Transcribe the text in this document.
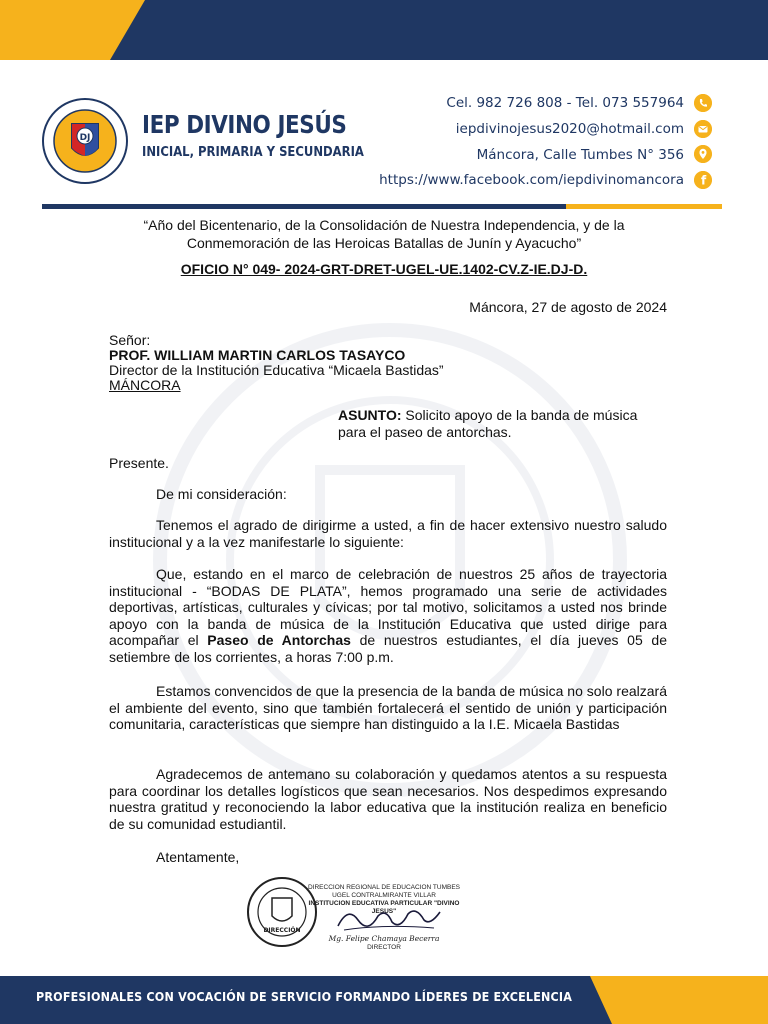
DJ IEP DIVINO JESÚS
INICIAL, PRIMARIA Y SECUNDARIA
Cel. 982 726 808 - Tel. 073 557964
iepdivinojesus2020@hotmail.com
Máncora, Calle Tumbes N° 356
https://www.facebook.com/iepdivinomancora f
“Año del Bicentenario, de la Consolidación de Nuestra Independencia, y de la
Conmemoración de las Heroicas Batallas de Junín y Ayacucho”
OFICIO N° 049- 2024-GRT-DRET-UGEL-UE.1402-CV.Z-IE.DJ-D.
Máncora, 27 de agosto de 2024
Señor:
PROF. WILLIAM MARTIN CARLOS TASAYCO
Director de la Institución Educativa “Micaela Bastidas”
MÁNCORA
ASUNTO: Solicito apoyo de la banda de música
para el paseo de antorchas.
Presente.
De mi consideración:
Tenemos el agrado de dirigirme a usted, a fin de hacer extensivo nuestro saludo institucional y a la vez manifestarle lo siguiente:
Que, estando en el marco de celebración de nuestros 25 años de trayectoria institucional - “BODAS DE PLATA”, hemos programado una serie de actividades deportivas, artísticas, culturales y cívicas; por tal motivo, solicitamos a usted nos brinde apoyo con la banda de música de la Institución Educativa que usted dirige para acompañar el Paseo de Antorchas de nuestros estudiantes, el día jueves 05 de setiembre de los corrientes, a horas 7:00 p.m.
Estamos convencidos de que la presencia de la banda de música no solo realzará el ambiente del evento, sino que también fortalecerá el sentido de unión y participación comunitaria, características que siempre han distinguido a la I.E. Micaela Bastidas
Agradecemos de antemano su colaboración y quedamos atentos a su respuesta para coordinar los detalles logísticos que sean necesarios. Nos despedimos expresando nuestra gratitud y reconociendo la labor educativa que la institución realiza en beneficio de su comunidad estudiantil.
Atentamente,
DIRECCIÓN
DIRECCION REGIONAL DE EDUCACION TUMBES
UGEL CONTRALMIRANTE VILLAR
INSTITUCION EDUCATIVA PARTICULAR "DIVINO JESUS"
Mg. Felipe Chamaya Becerra
DIRECTOR
PROFESIONALES CON VOCACIÓN DE SERVICIO FORMANDO LÍDERES DE EXCELENCIA
